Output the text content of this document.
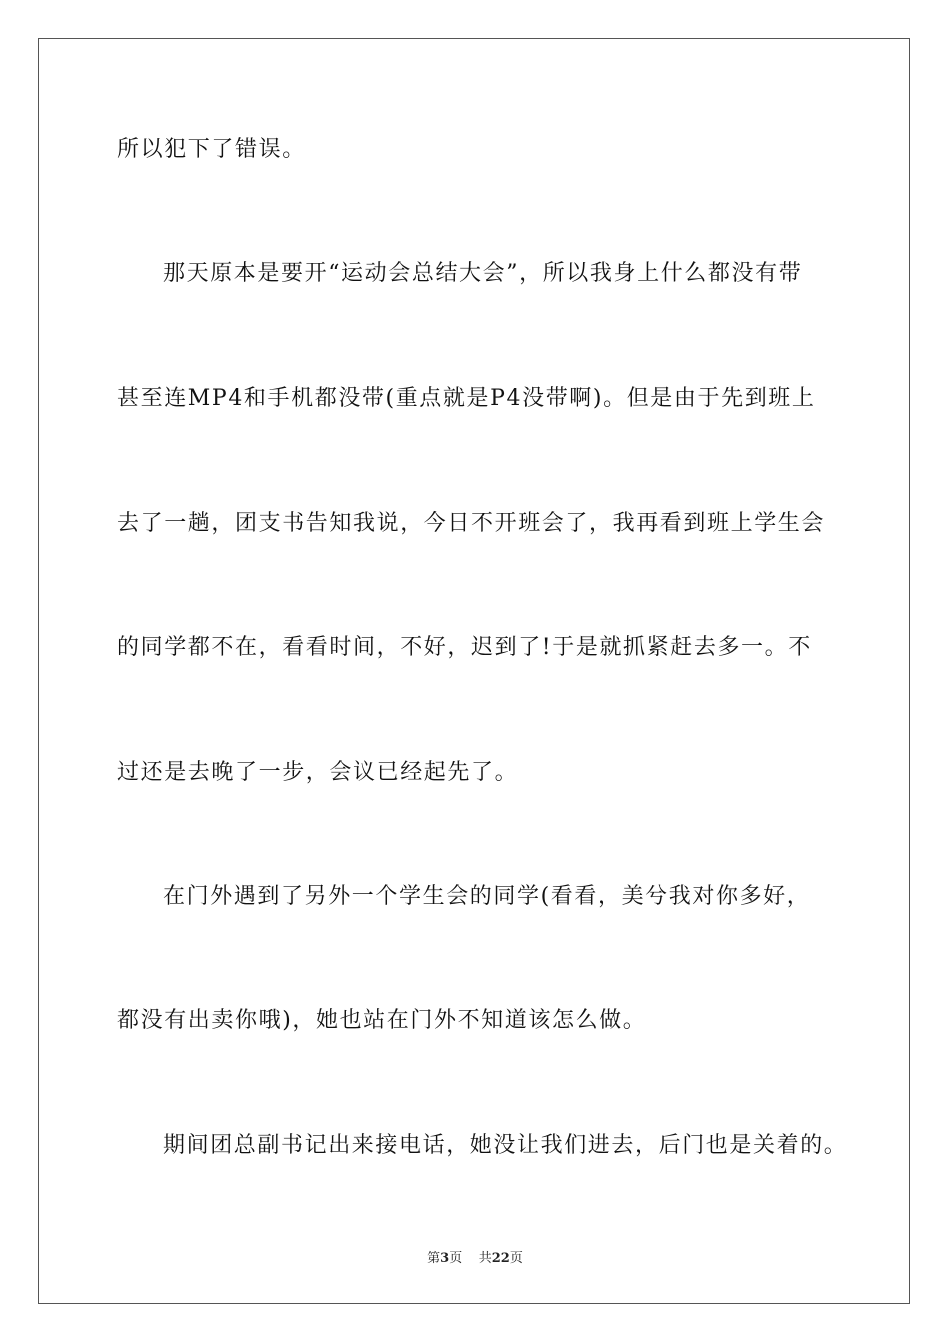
所以犯下了错误。
那天原本是要开“运动会总结大会”，所以我身上什么都没有带
甚至连MP4和手机都没带(重点就是P4没带啊)。但是由于先到班上
去了一趟，团支书告知我说，今日不开班会了，我再看到班上学生会
的同学都不在，看看时间，不好，迟到了!于是就抓紧赶去多一。不
过还是去晚了一步，会议已经起先了。
在门外遇到了另外一个学生会的同学(看看，美兮我对你多好，
都没有出卖你哦)，她也站在门外不知道该怎么做。
期间团总副书记出来接电话，她没让我们进去，后门也是关着的。
第3页 共22页
